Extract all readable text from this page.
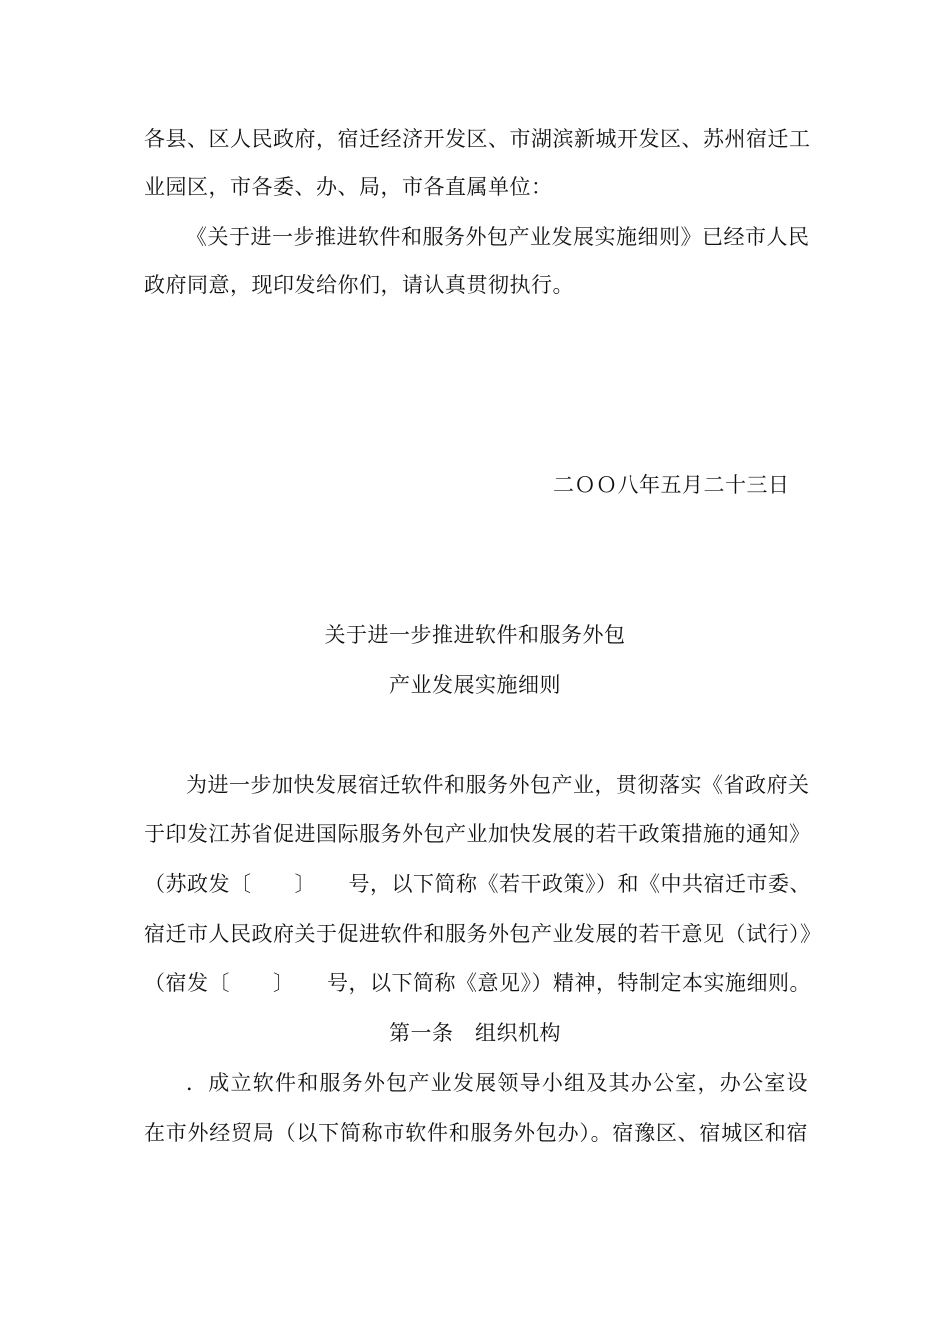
各县、区人民政府，宿迁经济开发区、市湖滨新城开发区、苏州宿迁工
业园区，市各委、办、局，市各直属单位：
《关于进一步推进软件和服务外包产业发展实施细则》已经市人民
政府同意，现印发给你们，请认真贯彻执行。
二ＯＯ八年五月二十三日
关于进一步推进软件和服务外包
产业发展实施细则
为进一步加快发展宿迁软件和服务外包产业，贯彻落实《省政府关
于印发江苏省促进国际服务外包产业加快发展的若干政策措施的通知》
（苏政发〔　　〕　　号，以下简称《若干政策》）和《中共宿迁市委、
宿迁市人民政府关于促进软件和服务外包产业发展的若干意见（试行）》
（宿发〔　　〕　　号，以下简称《意见》）精神，特制定本实施细则。
第一条　组织机构
．成立软件和服务外包产业发展领导小组及其办公室，办公室设
在市外经贸局（以下简称市软件和服务外包办）。宿豫区、宿城区和宿
